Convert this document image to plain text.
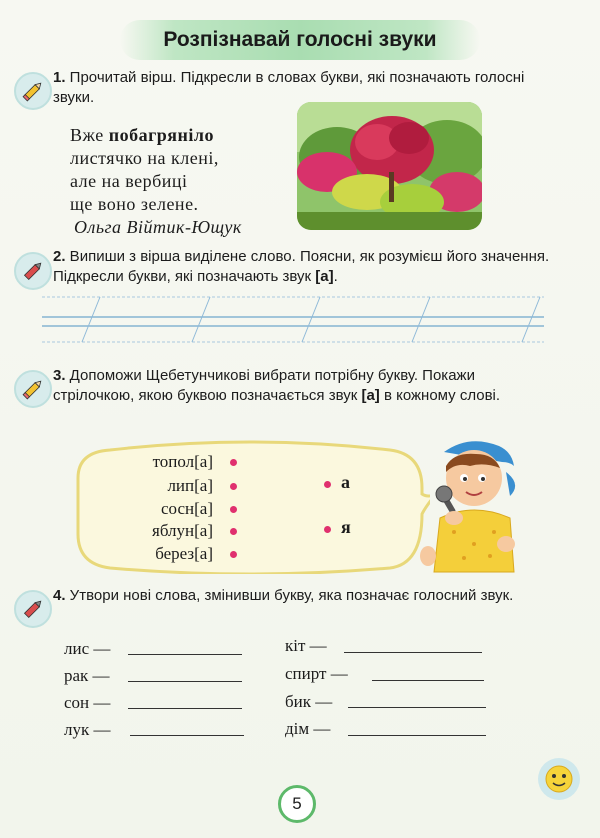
Розпізнавай голосні звуки
1. Прочитай вірш. Підкресли в словах букви, які позначають голосні звуки.
Вже побагряніло
листячко на клені,
але на вербиці
ще воно зелене.
Ольга Війтик-Ющук
2. Випиши з вірша виділене слово. Поясни, як розумієш його значення. Підкресли букви, які позначають звук [а].
3. Допоможи Щебетунчикові вибрати потрібну букву. Покажи стрілочкою, якою буквою позначається звук [а] в кожному слові.
топол[а]
лип[а]
сосн[а]
яблун[а]
берез[а]
а
я
4. Утвори нові слова, змінивши букву, яка позначає голосний звук.
лис —
рак —
сон —
лук —
кіт —
спирт —
бик —
дім —
5
